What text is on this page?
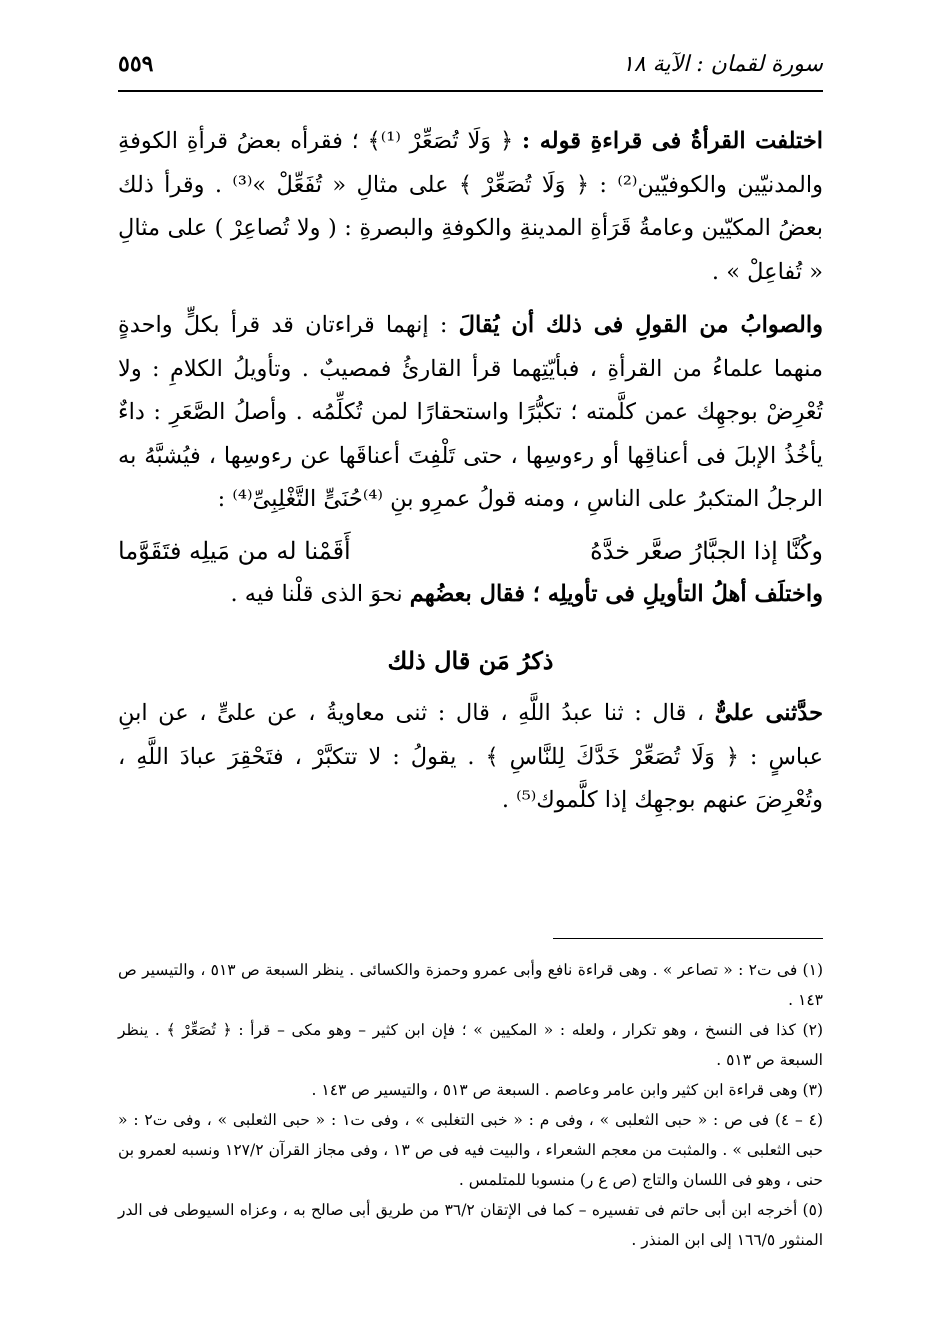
سورة لقمان : الآية ١٨
٥٥٩

اختلفت القرأةُ فى قراءةِ قوله : ﴿ وَلَا تُصَعِّرْ ⁽¹⁾﴾ ؛ فقرأه بعضُ قرأةِ الكوفةِ والمدنيّين والكوفيّين⁽²⁾ : ﴿ وَلَا تُصَعِّرْ ﴾ على مثالِ « تُفَعِّلْ »⁽³⁾ . وقرأ ذلك بعضُ المكيّين وعامةُ قَرَأةِ المدينةِ والكوفةِ والبصرةِ : ( ولا تُصاعِرْ ) على مثالِ « تُفاعِلْ » .

والصوابُ من القولِ فى ذلك أن يُقالَ : إنهما قراءتان قد قرأ بكلٍّ واحدةٍ منهما علماءُ من القرأةِ ، فبأيّتِهما قرأ القارئُ فمصيبٌ . وتأويلُ الكلامِ : ولا تُعْرِضْ بوجهِك عمن كلَّمته ؛ تكبُّرًا واستحقارًا لمن تُكلِّمُه . وأصلُ الصَّعَرِ : داءٌ يأخُذُ الإبلَ فى أعناقِها أو رءوسِها ، حتى تَلْفِتَ أعناقَها عن رءوسِها ، فيُشبَّهُ به الرجلُ المتكبرُ على الناسِ ، ومنه قولُ عمرِو بنِ ⁽⁴⁾حُنَىٍّ التَّغْلِبِىِّ⁽⁴⁾ :

وكُنَّا إذا الجبَّارُ صعَّر خدَّهُ
أَقَمْنا له من مَيلِه فتَقَوَّما

واختلَف أهلُ التأويلِ فى تأويلِه ؛ فقال بعضُهم نحوَ الذى قلْنا فيه .

ذكرُ مَن قال ذلك

حدَّثنى علىٌّ ، قال : ثنا عبدُ اللَّهِ ، قال : ثنى معاويةُ ، عن علىٍّ ، عن ابنِ عباسٍ : ﴿ وَلَا تُصَعِّرْ خَدَّكَ لِلنَّاسِ ﴾ . يقولُ : لا تتكبَّرْ ، فتَحْقِرَ عبادَ اللَّهِ ، وتُعْرِضَ عنهم بوجهِك إذا كلَّموك⁽⁵⁾ .

(١) فى ت٢ : « تصاعر » . وهى قراءة نافع وأبى عمرو وحمزة والكسائى . ينظر السبعة ص ٥١٣ ، والتيسير ص ١٤٣ .

(٢) كذا فى النسخ ، وهو تكرار ، ولعله : « المكيين » ؛ فإن ابن كثير – وهو مكى – قرأ : ﴿ تُصَعِّرْ ﴾ . ينظر السبعة ص ٥١٣ .

(٣) وهى قراءة ابن كثير وابن عامر وعاصم . السبعة ص ٥١٣ ، والتيسير ص ١٤٣ .

(٤ – ٤) فى ص : « حبى الثعلبى » ، وفى م : « خبى التغلبى » ، وفى ت١ : « حبى الثعلبى » ، وفى ت٢ : « حبى الثعلبى » . والمثبت من معجم الشعراء ، والبيت فيه فى ص ١٣ ، وفى مجاز القرآن ١٢٧/٢ ونسبه لعمرو بن حنى ، وهو فى اللسان والتاج (ص ع ر) منسوبا للمتلمس .

(٥) أخرجه ابن أبى حاتم فى تفسيره – كما فى الإتقان ٣٦/٢ من طريق أبى صالح به ، وعزاه السيوطى فى الدر المنثور ١٦٦/٥ إلى ابن المنذر .
